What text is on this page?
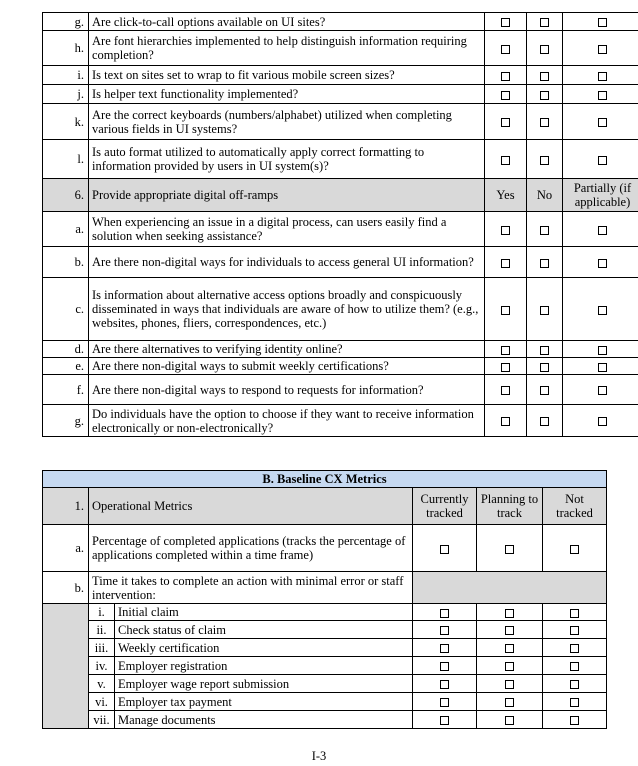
g.	Are click-to-call options available on UI sites?			
h.	Are font hierarchies implemented to help distinguish information requiring completion?			
i.	Is text on sites set to wrap to fit various mobile screen sizes?			
j.	Is helper text functionality implemented?			
k.	Are the correct keyboards (numbers/alphabet) utilized when completing various fields in UI systems?			
l.	Is auto format utilized to automatically apply correct formatting to information provided by users in UI system(s)?			
6.	Provide appropriate digital off-ramps	Yes	No	Partially (if applicable)
a.	When experiencing an issue in a digital process, can users easily find a solution when seeking assistance?			
b.	Are there non-digital ways for individuals to access general UI information?			
c.	Is information about alternative access options broadly and conspicuously disseminated in ways that individuals are aware of how to utilize them? (e.g., websites, phones, fliers, correspondences, etc.)			
d.	Are there alternatives to verifying identity online?			
e.	Are there non-digital ways to submit weekly certifications?			
f.	Are there non-digital ways to respond to requests for information?			
g.	Do individuals have the option to choose if they want to receive information electronically or non-electronically?			
B. Baseline CX Metrics					
1.	Operational Metrics		Currently tracked	Planning to track	Not tracked
a.	Percentage of completed applications (tracks the percentage of applications completed within a time frame)				
b.	Time it takes to complete an action with minimal error or staff intervention:				
	i.	Initial claim			
	ii.	Check status of claim			
	iii.	Weekly certification			
	iv.	Employer registration			
	v.	Employer wage report submission			
	vi.	Employer tax payment			
	vii.	Manage documents			
I-3
